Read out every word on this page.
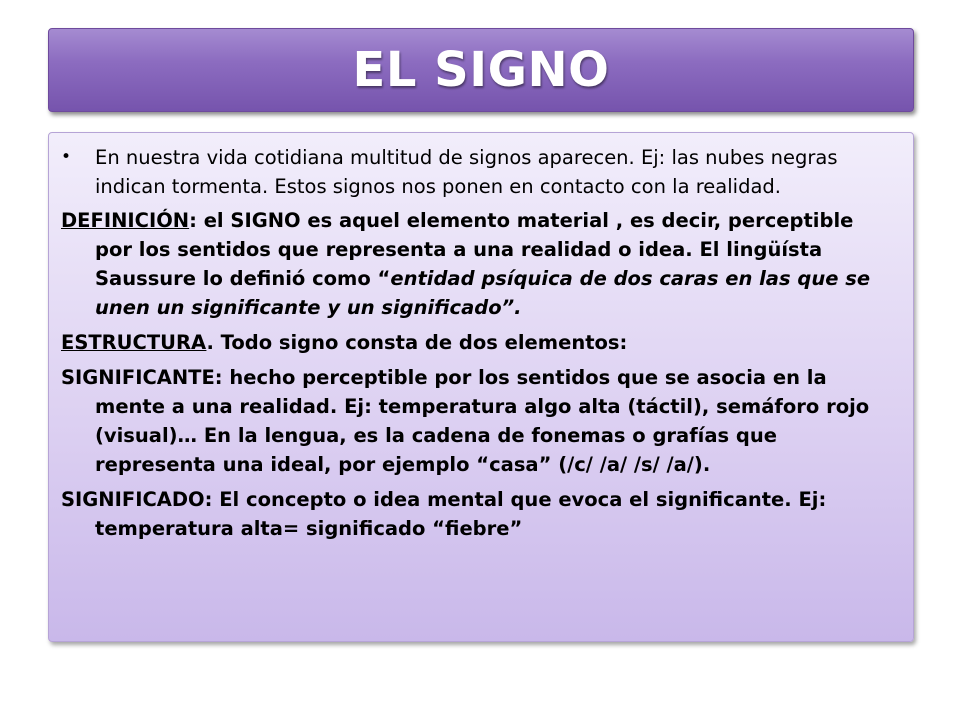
EL SIGNO
• En nuestra vida cotidiana multitud de signos aparecen. Ej: las nubes negras indican tormenta. Estos signos nos ponen en contacto con la realidad.
DEFINICIÓN: el SIGNO es aquel elemento material , es decir, perceptible por los sentidos que representa a una realidad o idea. El lingüísta Saussure lo definió como “entidad psíquica de dos caras en las que se unen un significante y un significado”.
ESTRUCTURA. Todo signo consta de dos elementos:
SIGNIFICANTE: hecho perceptible por los sentidos que se asocia en la mente a una realidad. Ej: temperatura algo alta (táctil), semáforo rojo (visual)… En la lengua, es la cadena de fonemas o grafías que representa una ideal, por ejemplo “casa” (/c/ /a/ /s/ /a/).
SIGNIFICADO: El concepto o idea mental que evoca el significante. Ej: temperatura alta= significado “fiebre”
